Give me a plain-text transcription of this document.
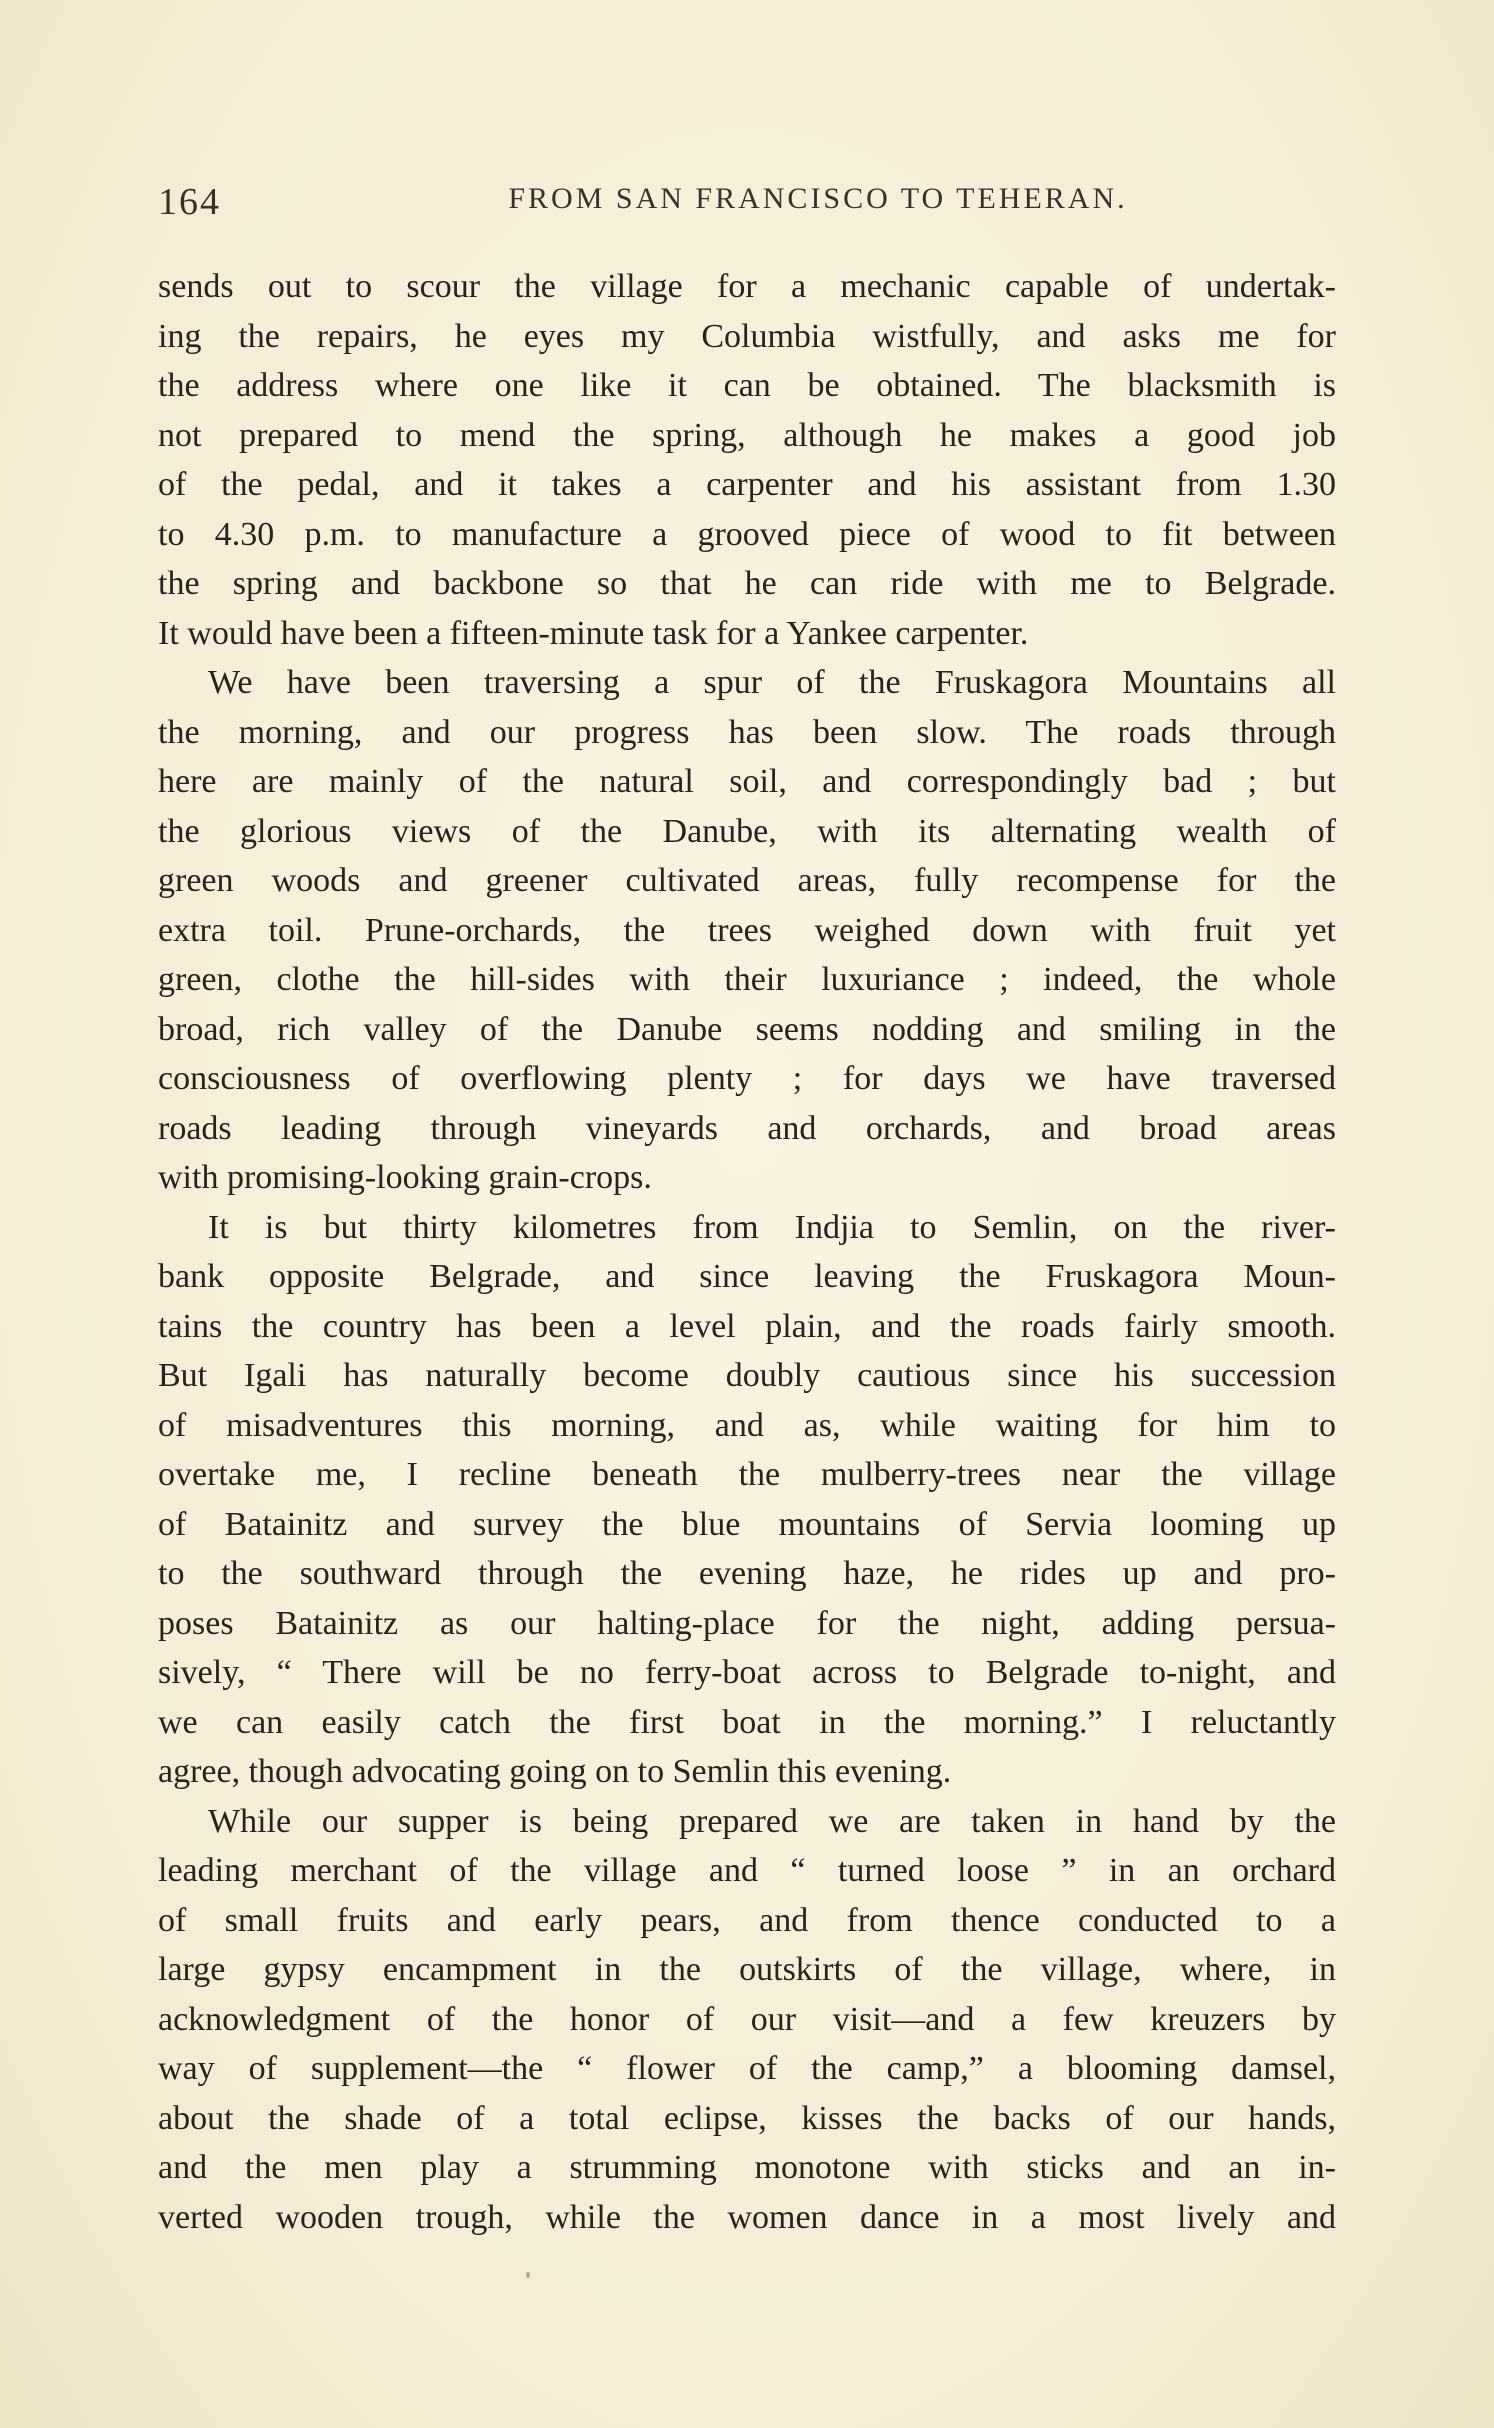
164	FROM SAN FRANCISCO TO TEHERAN.
sends out to scour the village for a mechanic capable of undertak-
ing the repairs, he eyes my Columbia wistfully, and asks me for
the address where one like it can be obtained. The blacksmith is
not prepared to mend the spring, although he makes a good job
of the pedal, and it takes a carpenter and his assistant from 1.30
to 4.30 p.m. to manufacture a grooved piece of wood to fit between
the spring and backbone so that he can ride with me to Belgrade.
It would have been a fifteen-minute task for a Yankee carpenter.
We have been traversing a spur of the Fruskagora Mountains all
the morning, and our progress has been slow. The roads through
here are mainly of the natural soil, and correspondingly bad ; but
the glorious views of the Danube, with its alternating wealth of
green woods and greener cultivated areas, fully recompense for the
extra toil. Prune-orchards, the trees weighed down with fruit yet
green, clothe the hill-sides with their luxuriance ; indeed, the whole
broad, rich valley of the Danube seems nodding and smiling in the
consciousness of overflowing plenty ; for days we have traversed
roads leading through vineyards and orchards, and broad areas
with promising-looking grain-crops.
It is but thirty kilometres from Indjia to Semlin, on the river-
bank opposite Belgrade, and since leaving the Fruskagora Moun-
tains the country has been a level plain, and the roads fairly smooth.
But Igali has naturally become doubly cautious since his succession
of misadventures this morning, and as, while waiting for him to
overtake me, I recline beneath the mulberry-trees near the village
of Batainitz and survey the blue mountains of Servia looming up
to the southward through the evening haze, he rides up and pro-
poses Batainitz as our halting-place for the night, adding persua-
sively, “ There will be no ferry-boat across to Belgrade to-night, and
we can easily catch the first boat in the morning.” I reluctantly
agree, though advocating going on to Semlin this evening.
While our supper is being prepared we are taken in hand by the
leading merchant of the village and “ turned loose ” in an orchard
of small fruits and early pears, and from thence conducted to a
large gypsy encampment in the outskirts of the village, where, in
acknowledgment of the honor of our visit—and a few kreuzers by
way of supplement—the “ flower of the camp,” a blooming damsel,
about the shade of a total eclipse, kisses the backs of our hands,
and the men play a strumming monotone with sticks and an in-
verted wooden trough, while the women dance in a most lively and
